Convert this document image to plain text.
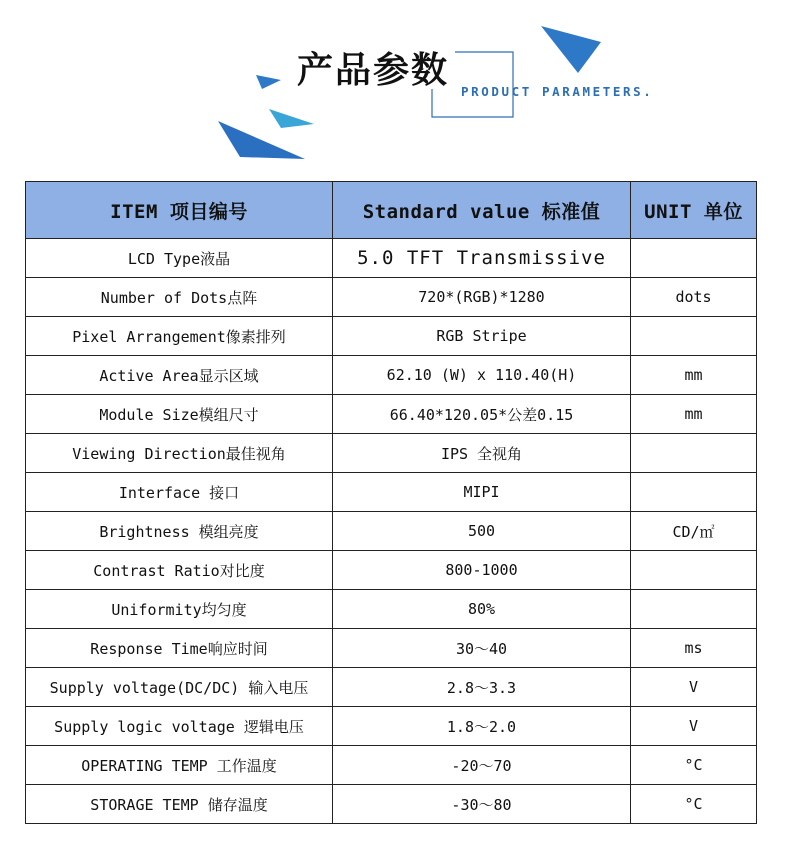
产品参数
PRODUCT PARAMETERS.
ITEM 项目编号	Standard value 标准值	UNIT 单位
LCD Type液晶	5.0 TFT Transmissive	
Number of Dots点阵	720*(RGB)*1280	dots
Pixel Arrangement像素排列	RGB Stripe	
Active Area显示区域	62.10 (W) x 110.40(H)	mm
Module Size模组尺寸	66.40*120.05*公差0.15	mm
Viewing Direction最佳视角	IPS 全视角	
Interface 接口	MIPI	
Brightness 模组亮度	500	CD/㎡
Contrast Ratio对比度	800-1000	
Uniformity均匀度	80%	
Response Time响应时间	30～40	ms
Supply voltage(DC/DC) 输入电压	2.8～3.3	V
Supply logic voltage 逻辑电压	1.8～2.0	V
OPERATING TEMP 工作温度	-20～70	°C
STORAGE TEMP 储存温度	-30～80	°C
